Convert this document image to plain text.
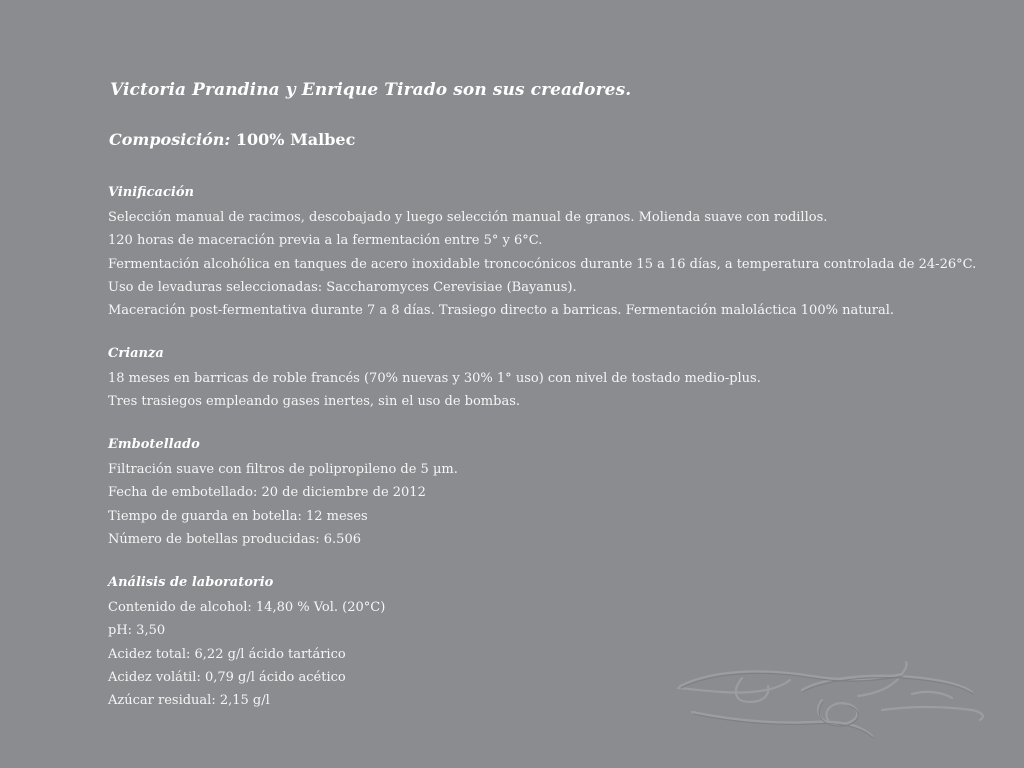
Victoria Prandina y Enrique Tirado son sus creadores.
Composición: 100% Malbec
Vinificación

Selección manual de racimos, descobajado y luego selección manual de granos. Molienda suave con rodillos.

120 horas de maceración previa a la fermentación entre 5° y 6°C.

Fermentación alcohólica en tanques de acero inoxidable troncocónicos durante 15 a 16 días, a temperatura controlada de 24-26°C.

Uso de levaduras seleccionadas: Saccharomyces Cerevisiae (Bayanus).

Maceración post-fermentativa durante 7 a 8 días. Trasiego directo a barricas. Fermentación maloláctica 100% natural.

Crianza

18 meses en barricas de roble francés (70% nuevas y 30% 1° uso) con nivel de tostado medio-plus.

Tres trasiegos empleando gases inertes, sin el uso de bombas.

Embotellado

Filtración suave con filtros de polipropileno de 5 µm.

Fecha de embotellado: 20 de diciembre de 2012

Tiempo de guarda en botella: 12 meses

Número de botellas producidas: 6.506

Análisis de laboratorio

Contenido de alcohol: 14,80 % Vol. (20°C)

pH: 3,50

Acidez total: 6,22 g/l ácido tartárico

Acidez volátil: 0,79 g/l ácido acético

Azúcar residual: 2,15 g/l
